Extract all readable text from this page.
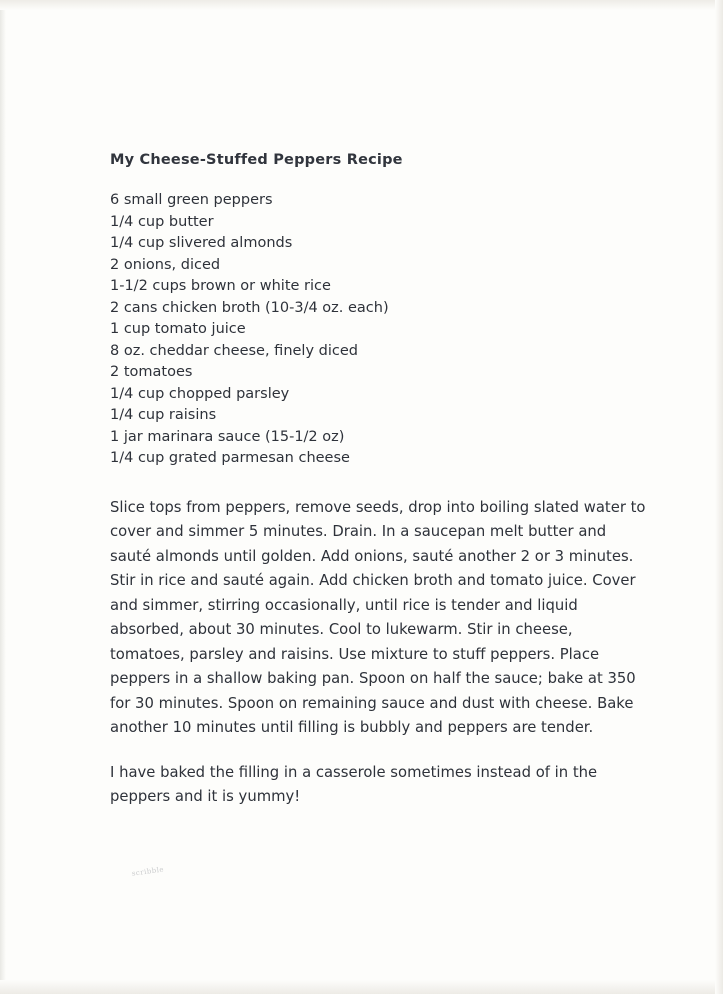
My Cheese-Stuffed Peppers Recipe
6 small green peppers
1/4 cup butter
1/4 cup slivered almonds
2 onions, diced
1-1/2 cups brown or white rice
2 cans chicken broth (10-3/4 oz. each)
1 cup tomato juice
8 oz. cheddar cheese, finely diced
2 tomatoes
1/4 cup chopped parsley
1/4 cup raisins
1 jar marinara sauce (15-1/2 oz)
1/4 cup grated parmesan cheese

Slice tops from peppers, remove seeds, drop into boiling slated water to cover and simmer 5 minutes. Drain. In a saucepan melt butter and sauté almonds until golden. Add onions, sauté another 2 or 3 minutes. Stir in rice and sauté again. Add chicken broth and tomato juice. Cover and simmer, stirring occasionally, until rice is tender and liquid absorbed, about 30 minutes. Cool to lukewarm. Stir in cheese, tomatoes, parsley and raisins. Use mixture to stuff peppers. Place peppers in a shallow baking pan. Spoon on half the sauce; bake at 350 for 30 minutes. Spoon on remaining sauce and dust with cheese. Bake another 10 minutes until filling is bubbly and peppers are tender.

I have baked the filling in a casserole sometimes instead of in the peppers and it is yummy!

scribble
